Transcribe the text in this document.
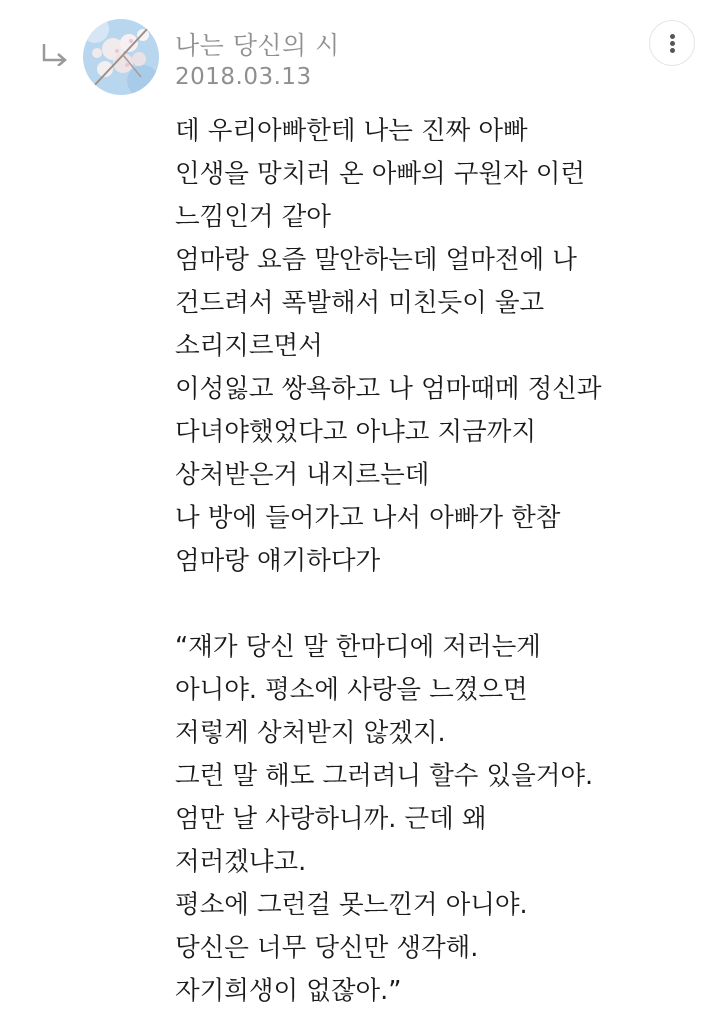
나는 당신의 시
2018.03.13
데 우리아빠한테 나는 진짜 아빠
인생을 망치러 온 아빠의 구원자 이런
느낌인거 같아
엄마랑 요즘 말안하는데 얼마전에 나
건드려서 폭발해서 미친듯이 울고
소리지르면서
이성잃고 쌍욕하고 나 엄마때메 정신과
다녀야했었다고 아냐고 지금까지
상처받은거 내지르는데
나 방에 들어가고 나서 아빠가 한참
엄마랑 얘기하다가
“쟤가 당신 말 한마디에 저러는게
아니야. 평소에 사랑을 느꼈으면
저렇게 상처받지 않겠지.
그런 말 해도 그러려니 할수 있을거야.
엄만 날 사랑하니까. 근데 왜
저러겠냐고.
평소에 그런걸 못느낀거 아니야.
당신은 너무 당신만 생각해.
자기희생이 없잖아.”
